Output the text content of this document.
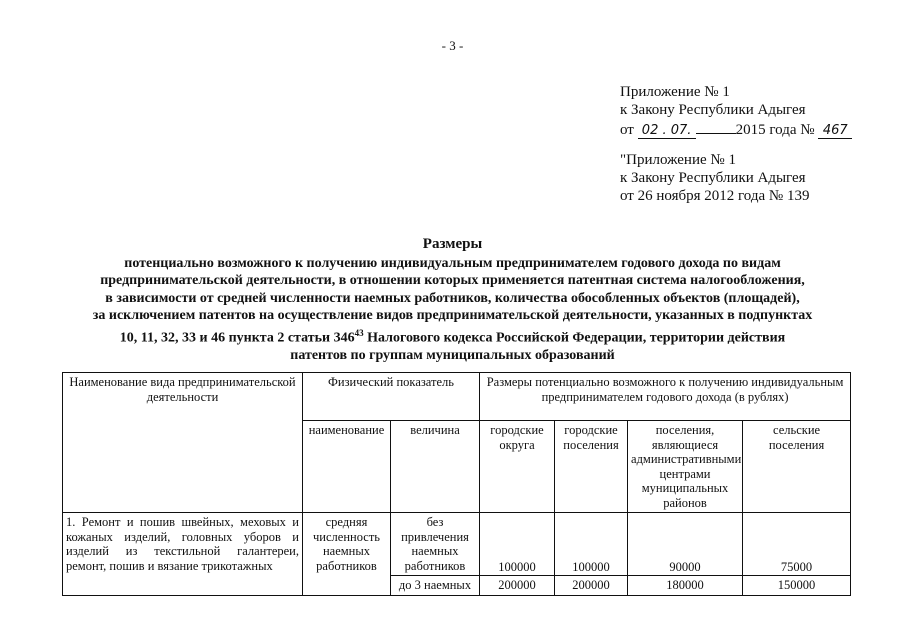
- 3 -
Приложение № 1
к Закону Республики Адыгея
от 02 . 07.	2015 года № 467
"Приложение № 1
к Закону Республики Адыгея
от 26 ноября 2012 года № 139
Размеры
потенциально возможного к получению индивидуальным предпринимателем годового дохода по видам
предпринимательской деятельности, в отношении которых применяется патентная система налогообложения,
в зависимости от средней численности наемных работников, количества обособленных объектов (площадей),
за исключением патентов на осуществление видов предпринимательской деятельности, указанных в подпунктах
10, 11, 32, 33 и 46 пункта 2 статьи $346^{43}$ Налогового кодекса Российской Федерации, территории действия
патентов по группам муниципальных образований
Наименование вида предпринимательской деятельности	Физический показатель		Размеры потенциально возможного к получению индивидуальным предпринимателем годового дохода (в рублях)			
	наименование	величина	городские округа	городские поселения	поселения, являющиеся административными центрами муниципальных районов	сельские поселения
1. Ремонт и пошив швейных, меховых и кожаных изделий, головных уборов и изделий из текстильной галантереи, ремонт, пошив и вязание трикотажных	средняя численность наемных работников	без привлечения наемных работников	100000	100000	90000	75000
		до 3 наемных	200000	200000	180000	150000
